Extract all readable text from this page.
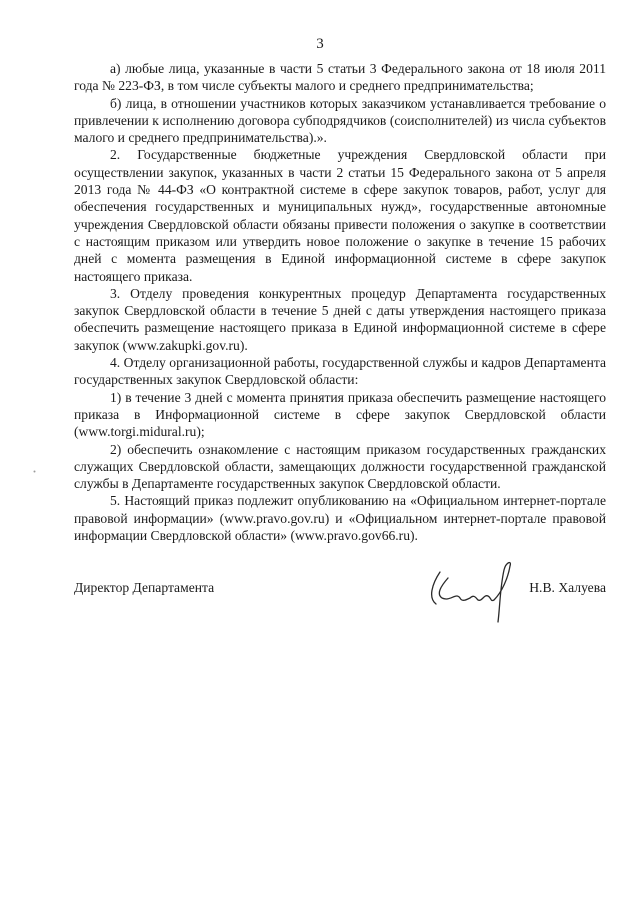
3

а) любые лица, указанные в части 5 статьи 3 Федерального закона от 18 июля 2011 года № 223-ФЗ, в том числе субъекты малого и среднего предпринимательства;

б) лица, в отношении участников которых заказчиком устанавливается требование о привлечении к исполнению договора субподрядчиков (соисполнителей) из числа субъектов малого и среднего предпринимательства).».

2. Государственные бюджетные учреждения Свердловской области при осуществлении закупок, указанных в части 2 статьи 15 Федерального закона от 5 апреля 2013 года № 44-ФЗ «О контрактной системе в сфере закупок товаров, работ, услуг для обеспечения государственных и муниципальных нужд», государственные автономные учреждения Свердловской области обязаны привести положения о закупке в соответствии с настоящим приказом или утвердить новое положение о закупке в течение 15 рабочих дней с момента размещения в Единой информационной системе в сфере закупок настоящего приказа.

3. Отделу проведения конкурентных процедур Департамента государственных закупок Свердловской области в течение 5 дней с даты утверждения настоящего приказа обеспечить размещение настоящего приказа в Единой информационной системе в сфере закупок (www.zakupki.gov.ru).

4. Отделу организационной работы, государственной службы и кадров Департамента государственных закупок Свердловской области:

1) в течение 3 дней с момента принятия приказа обеспечить размещение настоящего приказа в Информационной системе в сфере закупок Свердловской области (www.torgi.midural.ru);

2) обеспечить ознакомление с настоящим приказом государственных гражданских служащих Свердловской области, замещающих должности государственной гражданской службы в Департаменте государственных закупок Свердловской области.

5. Настоящий приказ подлежит опубликованию на «Официальном интернет-портале правовой информации» (www.pravo.gov.ru) и «Официальном интернет-портале правовой информации Свердловской области» (www.pravo.gov66.ru).

Директор Департамента	Н.В. Халуева
